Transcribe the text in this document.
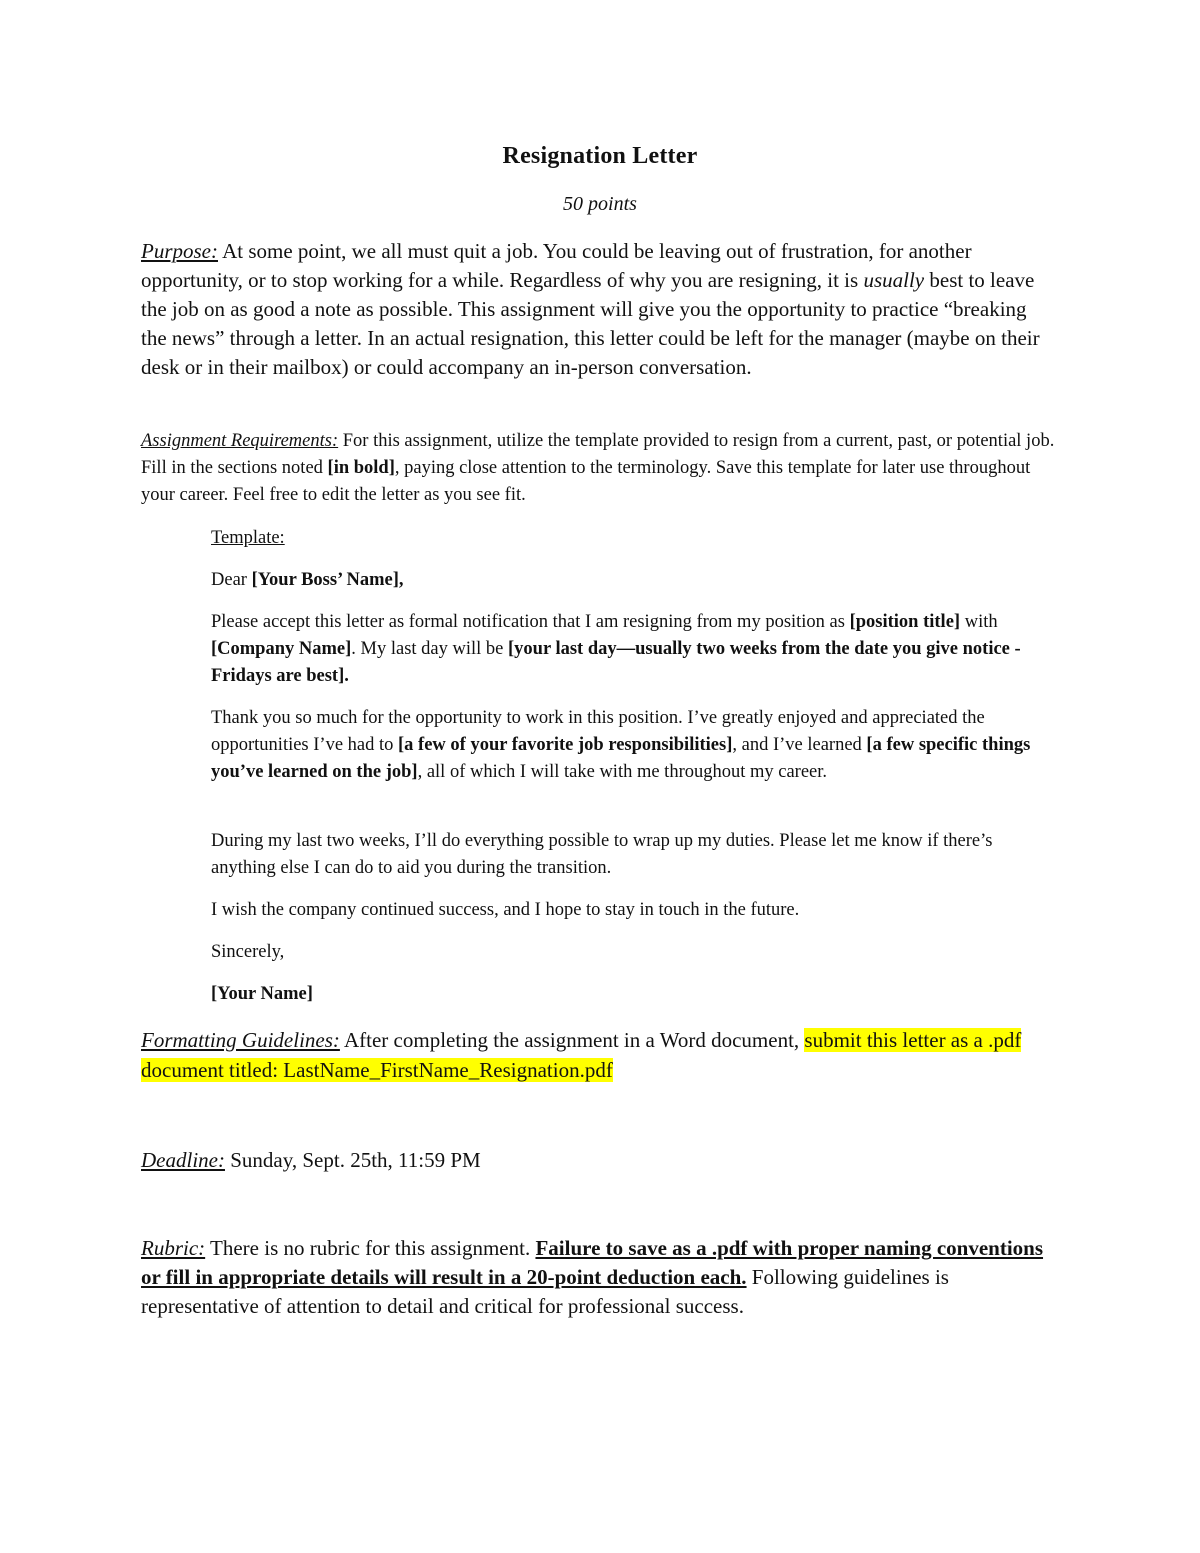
Resignation Letter

50 points

Purpose: At some point, we all must quit a job. You could be leaving out of frustration, for another opportunity, or to stop working for a while. Regardless of why you are resigning, it is usually best to leave the job on as good a note as possible. This assignment will give you the opportunity to practice “breaking the news” through a letter. In an actual resignation, this letter could be left for the manager (maybe on their desk or in their mailbox) or could accompany an in-person conversation.

Assignment Requirements: For this assignment, utilize the template provided to resign from a current, past, or potential job. Fill in the sections noted [in bold], paying close attention to the terminology. Save this template for later use throughout your career. Feel free to edit the letter as you see fit.

Template:

Dear [Your Boss’ Name],

Please accept this letter as formal notification that I am resigning from my position as [position title] with [Company Name]. My last day will be [your last day—usually two weeks from the date you give notice - Fridays are best].

Thank you so much for the opportunity to work in this position. I’ve greatly enjoyed and appreciated the opportunities I’ve had to [a few of your favorite job responsibilities], and I’ve learned [a few specific things you’ve learned on the job], all of which I will take with me throughout my career.

During my last two weeks, I’ll do everything possible to wrap up my duties. Please let me know if there’s anything else I can do to aid you during the transition.

I wish the company continued success, and I hope to stay in touch in the future.

Sincerely,

[Your Name]

Formatting Guidelines: After completing the assignment in a Word document, submit this letter as a .pdf document titled: LastName_FirstName_Resignation.pdf

Deadline: Sunday, Sept. 25th, 11:59 PM

Rubric: There is no rubric for this assignment. Failure to save as a .pdf with proper naming conventions or fill in appropriate details will result in a 20-point deduction each. Following guidelines is representative of attention to detail and critical for professional success.
